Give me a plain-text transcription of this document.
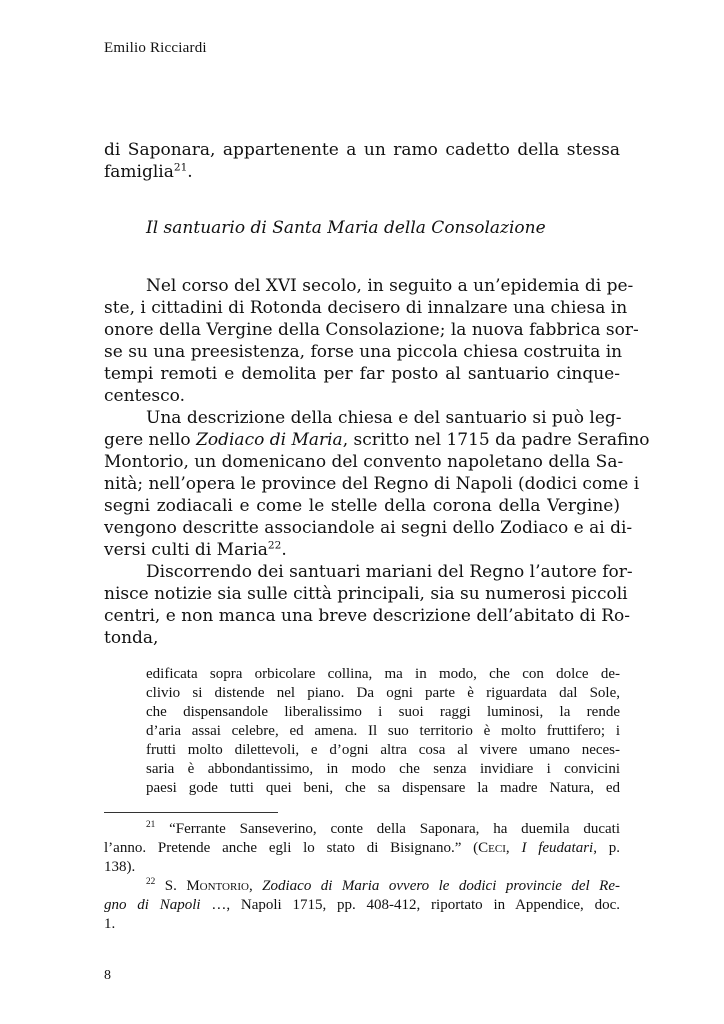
Emilio Ricciardi
di Saponara, appartenente a un ramo cadetto della stessa
famiglia$^{21}$.
Il santuario di Santa Maria della Consolazione
Nel corso del XVI secolo, in seguito a un’epidemia di pe-
ste, i cittadini di Rotonda decisero di innalzare una chiesa in
onore della Vergine della Consolazione; la nuova fabbrica sor-
se su una preesistenza, forse una piccola chiesa costruita in
tempi remoti e demolita per far posto al santuario cinque-
centesco.
Una descrizione della chiesa e del santuario si può leg-
gere nello Zodiaco di Maria, scritto nel 1715 da padre Serafino
Montorio, un domenicano del convento napoletano della Sa-
nità; nell’opera le province del Regno di Napoli (dodici come i
segni zodiacali e come le stelle della corona della Vergine)
vengono descritte associandole ai segni dello Zodiaco e ai di-
versi culti di Maria$^{22}$.
Discorrendo dei santuari mariani del Regno l’autore for-
nisce notizie sia sulle città principali, sia su numerosi piccoli
centri, e non manca una breve descrizione dell’abitato di Ro-
tonda,
edificata sopra orbicolare collina, ma in modo, che con dolce de-
clivio si distende nel piano. Da ogni parte è riguardata dal Sole,
che dispensandole liberalissimo i suoi raggi luminosi, la rende
d’aria assai celebre, ed amena. Il suo territorio è molto fruttifero; i
frutti molto dilettevoli, e d’ogni altra cosa al vivere umano neces-
saria è abbondantissimo, in modo che senza invidiare i convicini
paesi gode tutti quei beni, che sa dispensare la madre Natura, ed
$^{21}$ “Ferrante Sanseverino, conte della Saponara, ha duemila ducati
l’anno. Pretende anche egli lo stato di Bisignano.” (Ceci, I feudatari, p.
138).
$^{22}$ S. Montorio, Zodiaco di Maria ovvero le dodici provincie del Re-
gno di Napoli …, Napoli 1715, pp. 408-412, riportato in Appendice, doc.
1.
8
